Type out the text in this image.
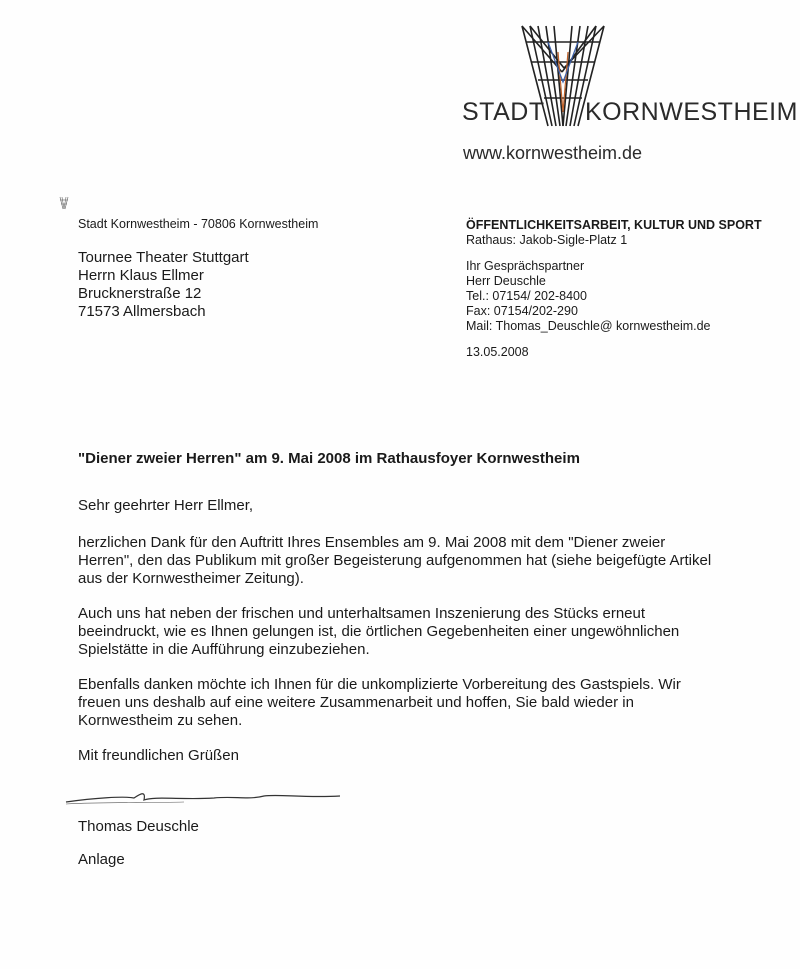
STADT KORNWESTHEIM
www.kornwestheim.de
Stadt Kornwestheim - 70806 Kornwestheim
Tournee Theater Stuttgart
Herrn Klaus Ellmer
Brucknerstraße 12
71573 Allmersbach
ÖFFENTLICHKEITSARBEIT, KULTUR UND SPORT
Rathaus: Jakob-Sigle-Platz 1
Ihr Gesprächspartner
Herr Deuschle
Tel.: 07154/ 202-8400
Fax: 07154/202-290
Mail: Thomas_Deuschle@ kornwestheim.de
13.05.2008
"Diener zweier Herren" am 9. Mai 2008 im Rathausfoyer Kornwestheim

Sehr geehrter Herr Ellmer,

herzlichen Dank für den Auftritt Ihres Ensembles am 9. Mai 2008 mit dem "Diener zweier Herren", den das Publikum mit großer Begeisterung aufgenommen hat (siehe beigefügte Artikel aus der Kornwestheimer Zeitung).

Auch uns hat neben der frischen und unterhaltsamen Inszenierung des Stücks erneut beeindruckt, wie es Ihnen gelungen ist, die örtlichen Gegebenheiten einer ungewöhnlichen Spielstätte in die Aufführung einzubeziehen.

Ebenfalls danken möchte ich Ihnen für die unkomplizierte Vorbereitung des Gastspiels. Wir freuen uns deshalb auf eine weitere Zusammenarbeit und hoffen, Sie bald wieder in Kornwestheim zu sehen.

Mit freundlichen Grüßen

Thomas Deuschle
Anlage
